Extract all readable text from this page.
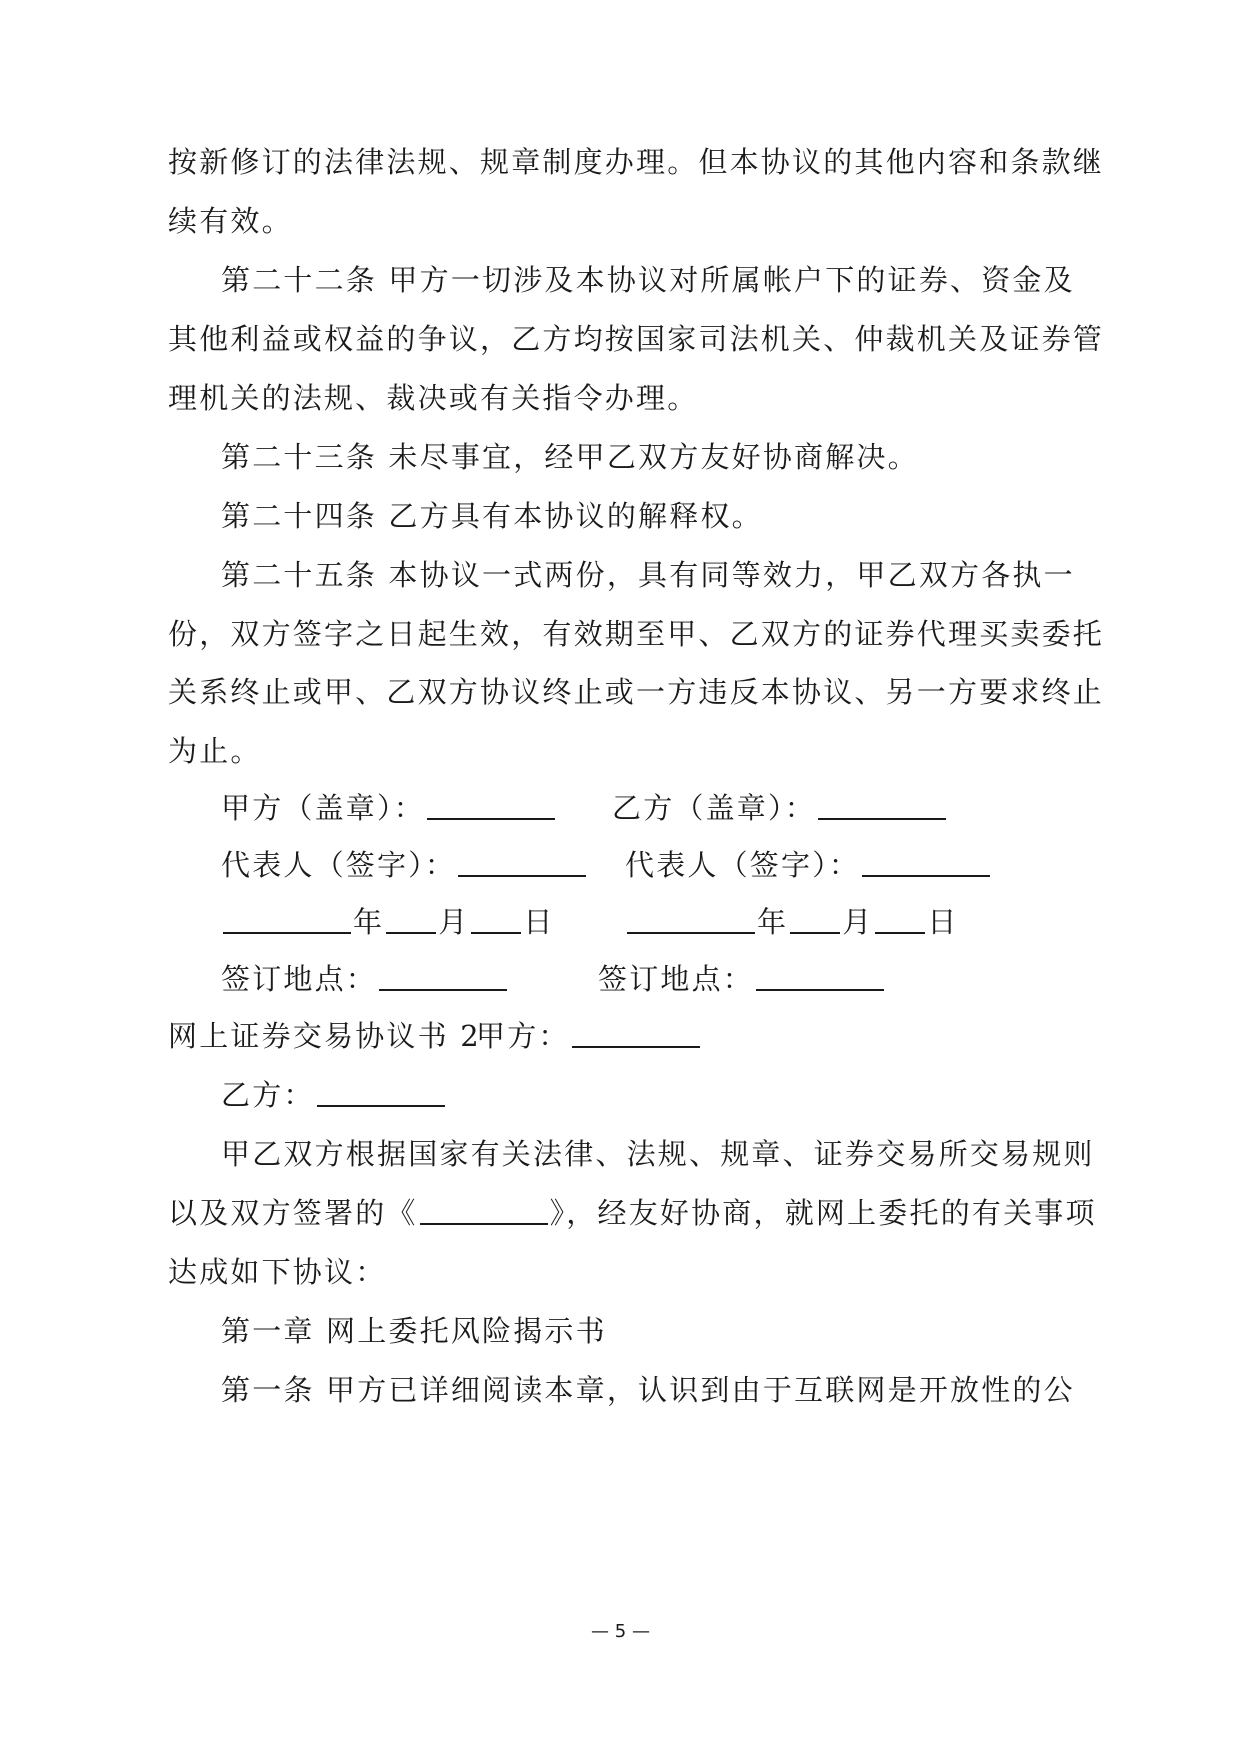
按新修订的法律法规、规章制度办理。但本协议的其他内容和条款继
续有效。
第二十二条 甲方一切涉及本协议对所属帐户下的证券、资金及
其他利益或权益的争议，乙方均按国家司法机关、仲裁机关及证券管
理机关的法规、裁决或有关指令办理。
第二十三条 未尽事宜，经甲乙双方友好协商解决。
第二十四条 乙方具有本协议的解释权。
第二十五条 本协议一式两份，具有同等效力，甲乙双方各执一
份，双方签字之日起生效，有效期至甲、乙双方的证券代理买卖委托
关系终止或甲、乙双方协议终止或一方违反本协议、另一方要求终止
为止。
甲方（盖章）：	乙方（盖章）：
代表人（签字）：	代表人（签字）：
年 月 日	年 月 日
签订地点：	签订地点：
网上证券交易协议书 2
甲方：
乙方：
甲乙双方根据国家有关法律、法规、规章、证券交易所交易规则
以及双方签署的《	》，经友好协商，就网上委托的有关事项
达成如下协议：
第一章 网上委托风险揭示书
第一条 甲方已详细阅读本章，认识到由于互联网是开放性的公
— 5 —
